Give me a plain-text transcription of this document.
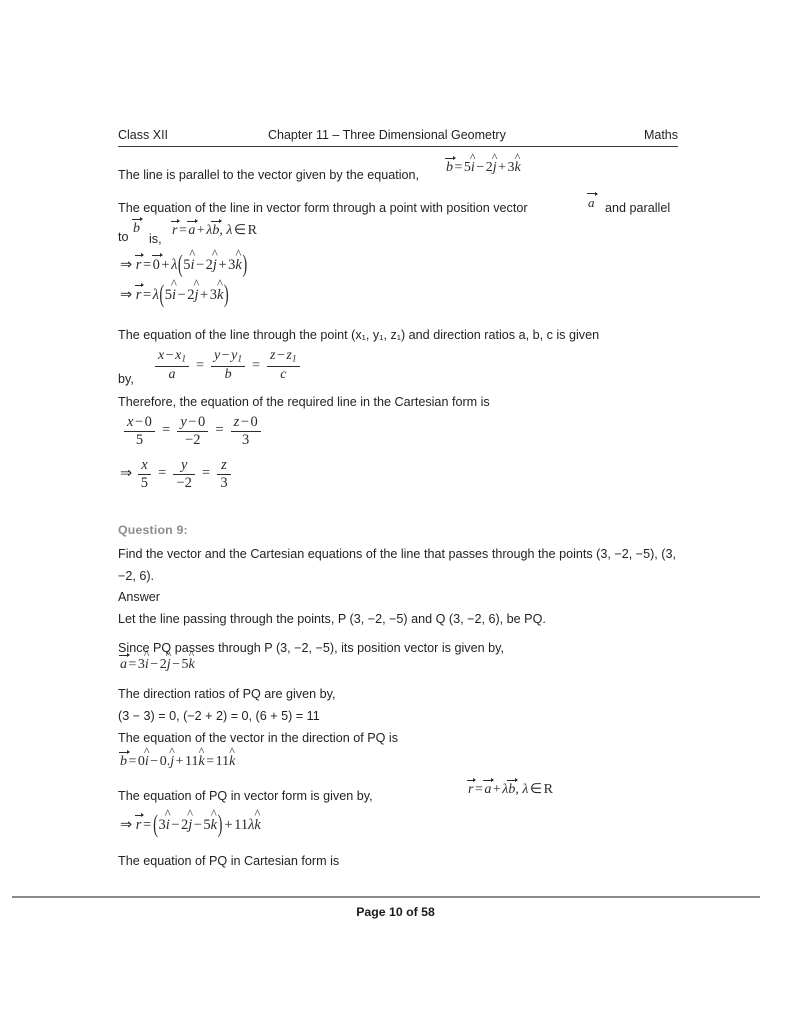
Class XII	Chapter 11 – Three Dimensional Geometry	Maths
The line is parallel to the vector given by the equation, b = 5i ^ − 2j ^ + 3k ^
The equation of the line in vector form through a point with position vector	a and parallel
to
b
is,
r = a + λb, λ ∈ R
⇒ r = 0 + λ(5i ^ − 2j ^ + 3k ^)
⇒ r = λ(5i ^ − 2j ^ + 3k ^)
The equation of the line through the point (x₁, y₁, z₁) and direction ratios a, b, c is given
by, $\frac{x - x_1}{a} = \frac{y - y_1}{b} = \frac{z - z_1}{c}$
Therefore, the equation of the required line in the Cartesian form is
$\frac{x - 0}{5} = \frac{y - 0}{-2} = \frac{z - 0}{3}$
⇒ $\frac{x}{5} = \frac{y}{-2} = \frac{z}{3}$
Question 9:
Find the vector and the Cartesian equations of the line that passes through the points (3, −2, −5), (3, −2, 6).
Answer
Let the line passing through the points, P (3, −2, −5) and Q (3, −2, 6), be PQ.
Since PQ passes through P (3, −2, −5), its position vector is given by,
a = 3i ^ − 2j ^ − 5k ^
The direction ratios of PQ are given by,
(3 − 3) = 0, (−2 + 2) = 0, (6 + 5) = 11
The equation of the vector in the direction of PQ is
b = 0i ^ − 0.j ^ + 11k ^ = 11k ^
The equation of PQ in vector form is given by,	r = a + λb, λ ∈ R
⇒ r = (3i ^ − 2j ^ − 5k ^) + 11λk ^
The equation of PQ in Cartesian form is
Page 10 of 58
